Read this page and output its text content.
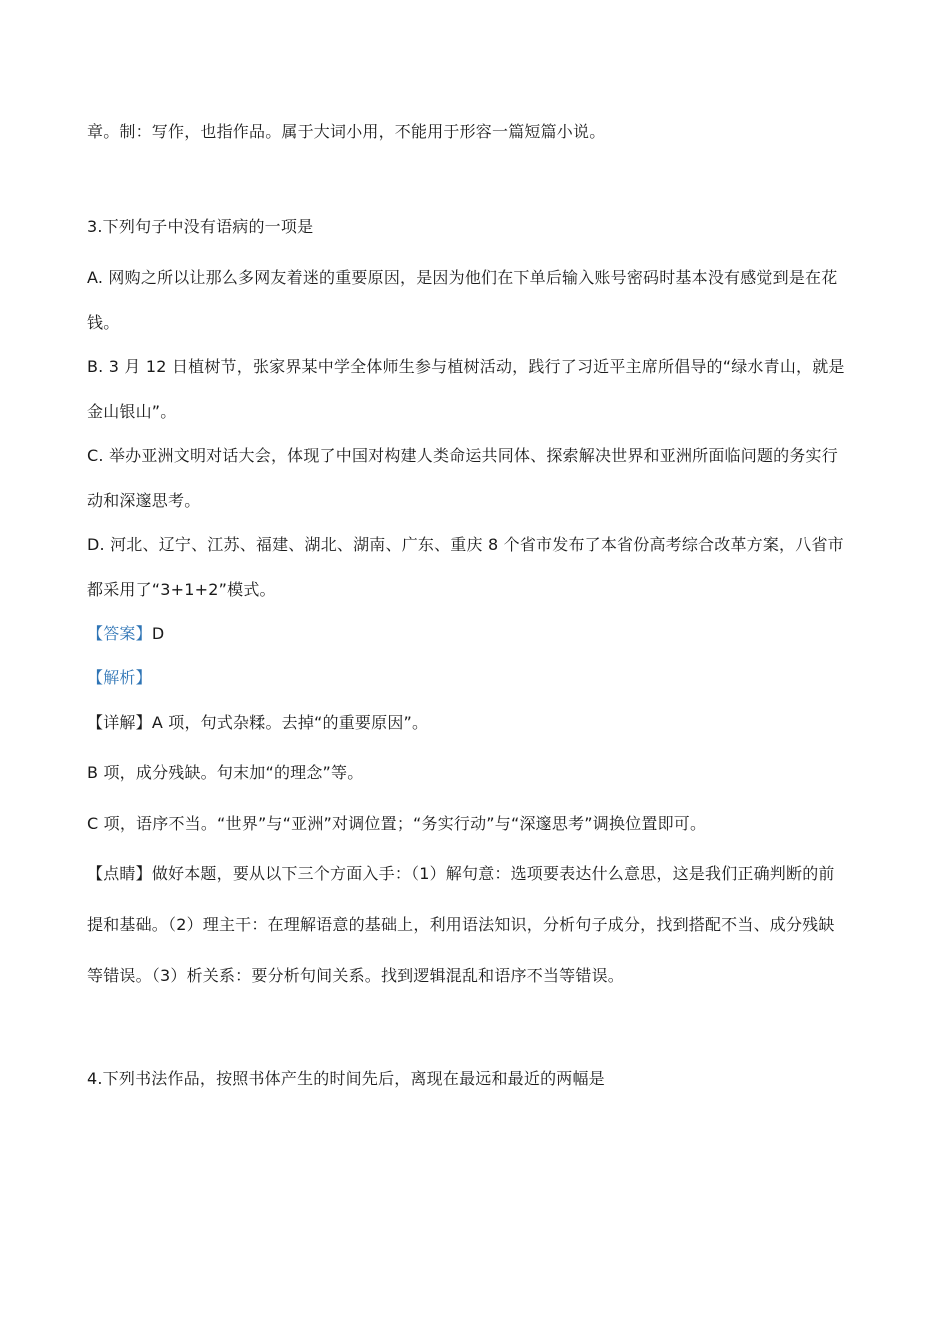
章。制：写作，也指作品。属于大词小用，不能用于形容一篇短篇小说。
3.下列句子中没有语病的一项是
A. 网购之所以让那么多网友着迷的重要原因，是因为他们在下单后输入账号密码时基本没有感觉到是在花
钱。
B. 3 月 12 日植树节，张家界某中学全体师生参与植树活动，践行了习近平主席所倡导的“绿水青山，就是
金山银山”。
C. 举办亚洲文明对话大会，体现了中国对构建人类命运共同体、探索解决世界和亚洲所面临问题的务实行
动和深邃思考。
D. 河北、辽宁、江苏、福建、湖北、湖南、广东、重庆 8 个省市发布了本省份高考综合改革方案，八省市
都采用了“3+1+2”模式。
【答案】D
【解析】
【详解】A 项，句式杂糅。去掉“的重要原因”。
B 项，成分残缺。句末加“的理念”等。
C 项，语序不当。“世界”与“亚洲”对调位置；“务实行动”与“深邃思考”调换位置即可。
【点睛】做好本题，要从以下三个方面入手：（1）解句意：选项要表达什么意思，这是我们正确判断的前
提和基础。（2）理主干：在理解语意的基础上，利用语法知识，分析句子成分，找到搭配不当、成分残缺
等错误。（3）析关系：要分析句间关系。找到逻辑混乱和语序不当等错误。
4.下列书法作品，按照书体产生的时间先后，离现在最远和最近的两幅是
